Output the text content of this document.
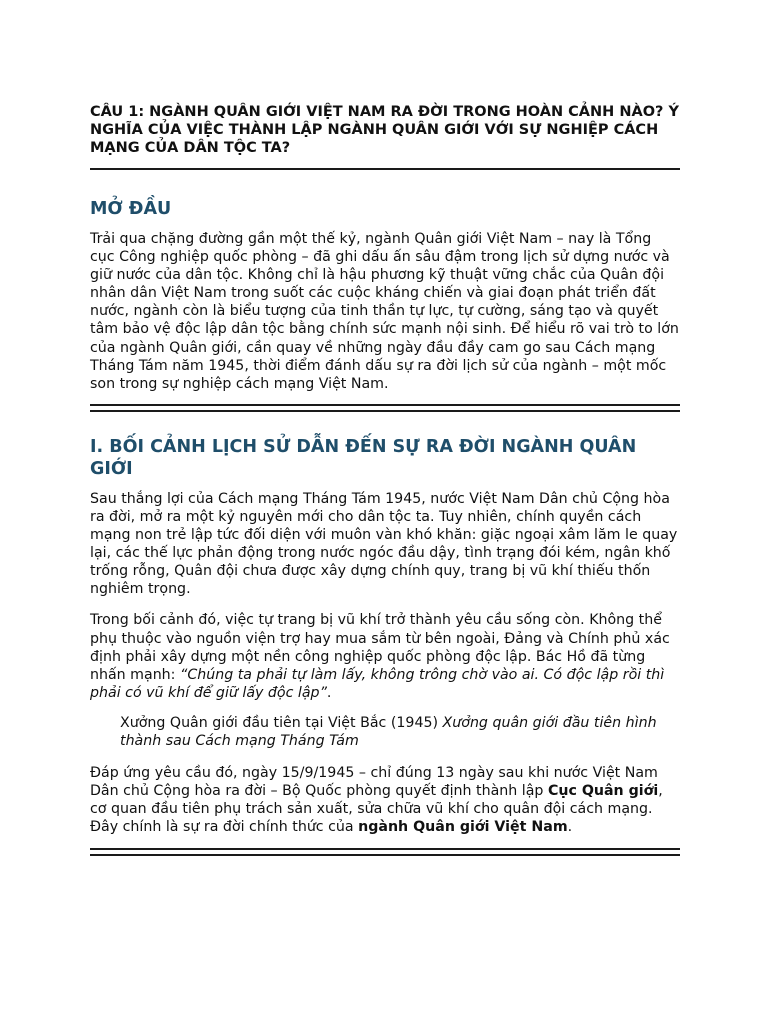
CÂU 1: NGÀNH QUÂN GIỚI VIỆT NAM RA ĐỜI TRONG HOÀN CẢNH NÀO? Ý NGHĨA CỦA VIỆC THÀNH LẬP NGÀNH QUÂN GIỚI VỚI SỰ NGHIỆP CÁCH MẠNG CỦA DÂN TỘC TA?
MỞ ĐẦU

Trải qua chặng đường gần một thế kỷ, ngành Quân giới Việt Nam – nay là Tổng cục Công nghiệp quốc phòng – đã ghi dấu ấn sâu đậm trong lịch sử dựng nước và giữ nước của dân tộc. Không chỉ là hậu phương kỹ thuật vững chắc của Quân đội nhân dân Việt Nam trong suốt các cuộc kháng chiến và giai đoạn phát triển đất nước, ngành còn là biểu tượng của tinh thần tự lực, tự cường, sáng tạo và quyết tâm bảo vệ độc lập dân tộc bằng chính sức mạnh nội sinh. Để hiểu rõ vai trò to lớn của ngành Quân giới, cần quay về những ngày đầu đầy cam go sau Cách mạng Tháng Tám năm 1945, thời điểm đánh dấu sự ra đời lịch sử của ngành – một mốc son trong sự nghiệp cách mạng Việt Nam.

I. BỐI CẢNH LỊCH SỬ DẪN ĐẾN SỰ RA ĐỜI NGÀNH QUÂN GIỚI

Sau thắng lợi của Cách mạng Tháng Tám 1945, nước Việt Nam Dân chủ Cộng hòa ra đời, mở ra một kỷ nguyên mới cho dân tộc ta. Tuy nhiên, chính quyền cách mạng non trẻ lập tức đối diện với muôn vàn khó khăn: giặc ngoại xâm lăm le quay lại, các thế lực phản động trong nước ngóc đầu dậy, tình trạng đói kém, ngân khố trống rỗng, Quân đội chưa được xây dựng chính quy, trang bị vũ khí thiếu thốn nghiêm trọng.

Trong bối cảnh đó, việc tự trang bị vũ khí trở thành yêu cầu sống còn. Không thể phụ thuộc vào nguồn viện trợ hay mua sắm từ bên ngoài, Đảng và Chính phủ xác định phải xây dựng một nền công nghiệp quốc phòng độc lập. Bác Hồ đã từng nhấn mạnh: “Chúng ta phải tự làm lấy, không trông chờ vào ai. Có độc lập rồi thì phải có vũ khí để giữ lấy độc lập”.

Xưởng Quân giới đầu tiên tại Việt Bắc (1945) Xưởng quân giới đầu tiên hình thành sau Cách mạng Tháng Tám

Đáp ứng yêu cầu đó, ngày 15/9/1945 – chỉ đúng 13 ngày sau khi nước Việt Nam Dân chủ Cộng hòa ra đời – Bộ Quốc phòng quyết định thành lập Cục Quân giới, cơ quan đầu tiên phụ trách sản xuất, sửa chữa vũ khí cho quân đội cách mạng. Đây chính là sự ra đời chính thức của ngành Quân giới Việt Nam.
